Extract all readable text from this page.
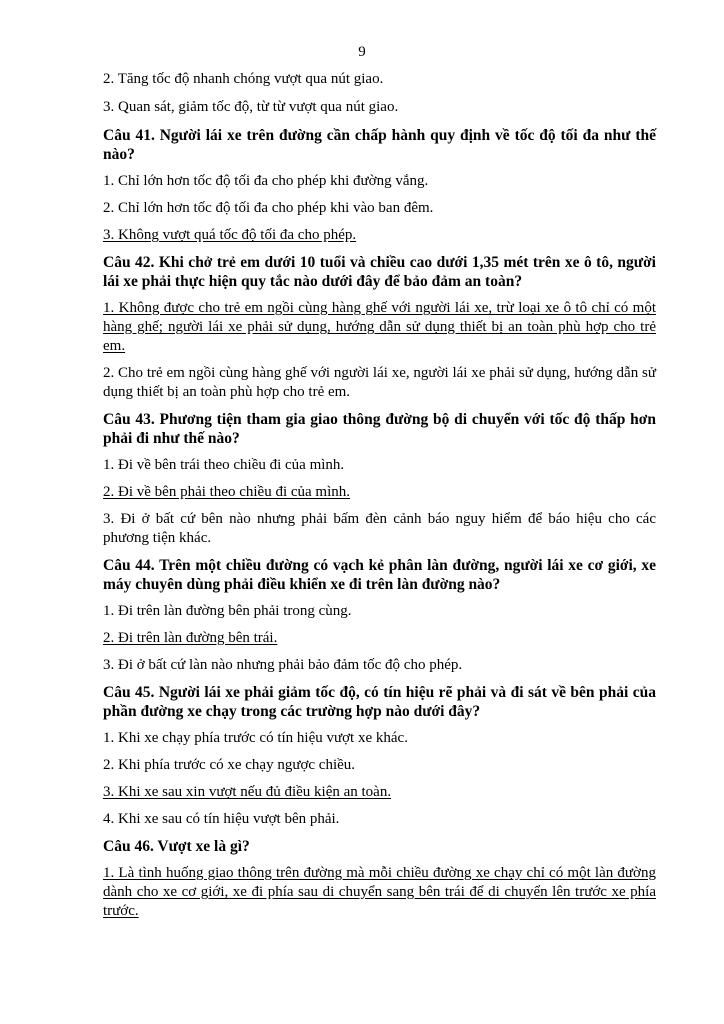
9

2. Tăng tốc độ nhanh chóng vượt qua nút giao.

3. Quan sát, giảm tốc độ, từ từ vượt qua nút giao.

Câu 41. Người lái xe trên đường cần chấp hành quy định về tốc độ tối đa như thế nào?

1. Chỉ lớn hơn tốc độ tối đa cho phép khi đường vắng.

2. Chỉ lớn hơn tốc độ tối đa cho phép khi vào ban đêm.

3. Không vượt quá tốc độ tối đa cho phép.

Câu 42. Khi chở trẻ em dưới 10 tuổi và chiều cao dưới 1,35 mét trên xe ô tô, người lái xe phải thực hiện quy tắc nào dưới đây để bảo đảm an toàn?

1. Không được cho trẻ em ngồi cùng hàng ghế với người lái xe, trừ loại xe ô tô chỉ có một hàng ghế; người lái xe phải sử dụng, hướng dẫn sử dụng thiết bị an toàn phù hợp cho trẻ em.

2. Cho trẻ em ngồi cùng hàng ghế với người lái xe, người lái xe phải sử dụng, hướng dẫn sử dụng thiết bị an toàn phù hợp cho trẻ em.

Câu 43. Phương tiện tham gia giao thông đường bộ di chuyển với tốc độ thấp hơn phải đi như thế nào?

1. Đi về bên trái theo chiều đi của mình.

2. Đi về bên phải theo chiều đi của mình.

3. Đi ở bất cứ bên nào nhưng phải bấm đèn cảnh báo nguy hiểm để báo hiệu cho các phương tiện khác.

Câu 44. Trên một chiều đường có vạch kẻ phân làn đường, người lái xe cơ giới, xe máy chuyên dùng phải điều khiển xe đi trên làn đường nào?

1. Đi trên làn đường bên phải trong cùng.

2. Đi trên làn đường bên trái.

3. Đi ở bất cứ làn nào nhưng phải bảo đảm tốc độ cho phép.

Câu 45. Người lái xe phải giảm tốc độ, có tín hiệu rẽ phải và đi sát về bên phải của phần đường xe chạy trong các trường hợp nào dưới đây?

1. Khi xe chạy phía trước có tín hiệu vượt xe khác.

2. Khi phía trước có xe chạy ngược chiều.

3. Khi xe sau xin vượt nếu đủ điều kiện an toàn.

4. Khi xe sau có tín hiệu vượt bên phải.

Câu 46. Vượt xe là gì?

1. Là tình huống giao thông trên đường mà mỗi chiều đường xe chạy chỉ có một làn đường dành cho xe cơ giới, xe đi phía sau di chuyển sang bên trái để di chuyển lên trước xe phía trước.
